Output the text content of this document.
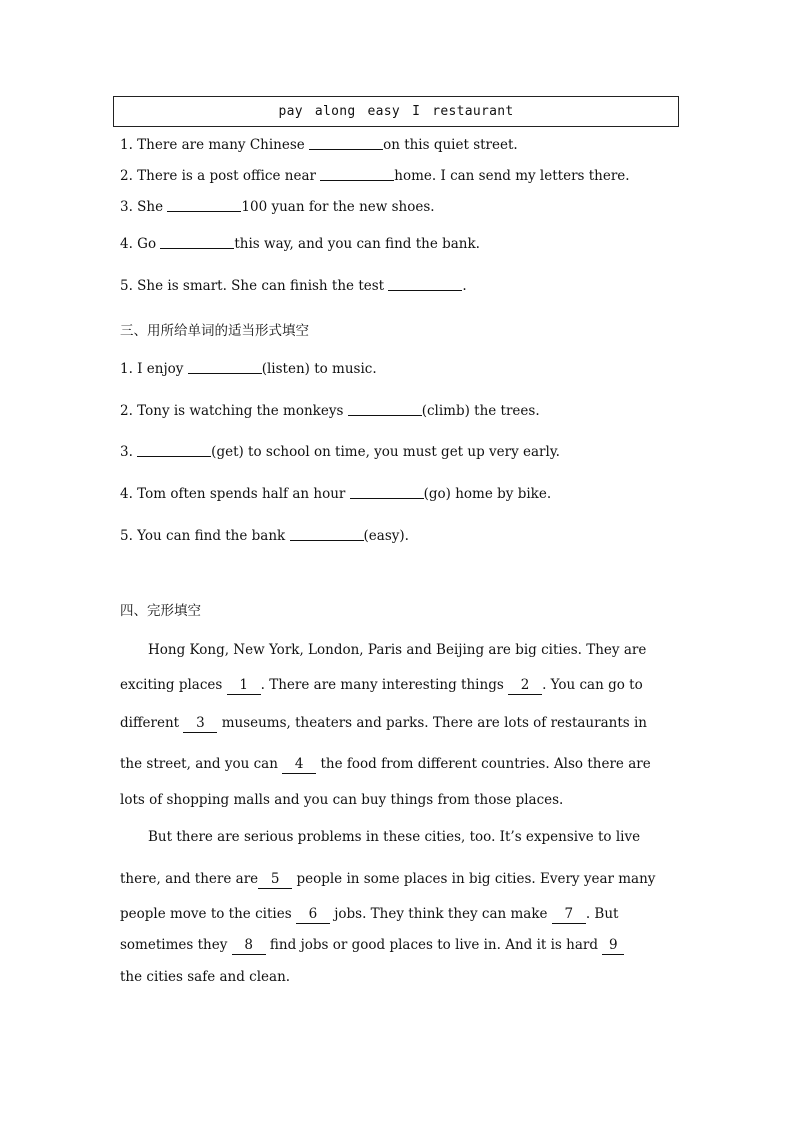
pay along easy I restaurant
1. There are many Chinese	on this quiet street.
2. There is a post office near	home. I can send my letters there.
3. She	100 yuan for the new shoes.
4. Go	this way, and you can find the bank.
5. She is smart. She can finish the test	.
三、用所给单词的适当形式填空
1. I enjoy	(listen) to music.
2. Tony is watching the monkeys	(climb) the trees.
3.	(get) to school on time, you must get up very early.
4. Tom often spends half an hour	(go) home by bike.
5. You can find the bank	(easy).
四、完形填空
Hong Kong, New York, London, Paris and Beijing are big cities. They are
exciting places 1 . There are many interesting things 2 . You can go to
different 3 museums, theaters and parks. There are lots of restaurants in
the street, and you can 4 the food from different countries. Also there are
lots of shopping malls and you can buy things from those places.
But there are serious problems in these cities, too. It’s expensive to live
there, and there are 5 people in some places in big cities. Every year many
people move to the cities 6 jobs. They think they can make 7 . But
sometimes they 8 find jobs or good places to live in. And it is hard 9
the cities safe and clean.
